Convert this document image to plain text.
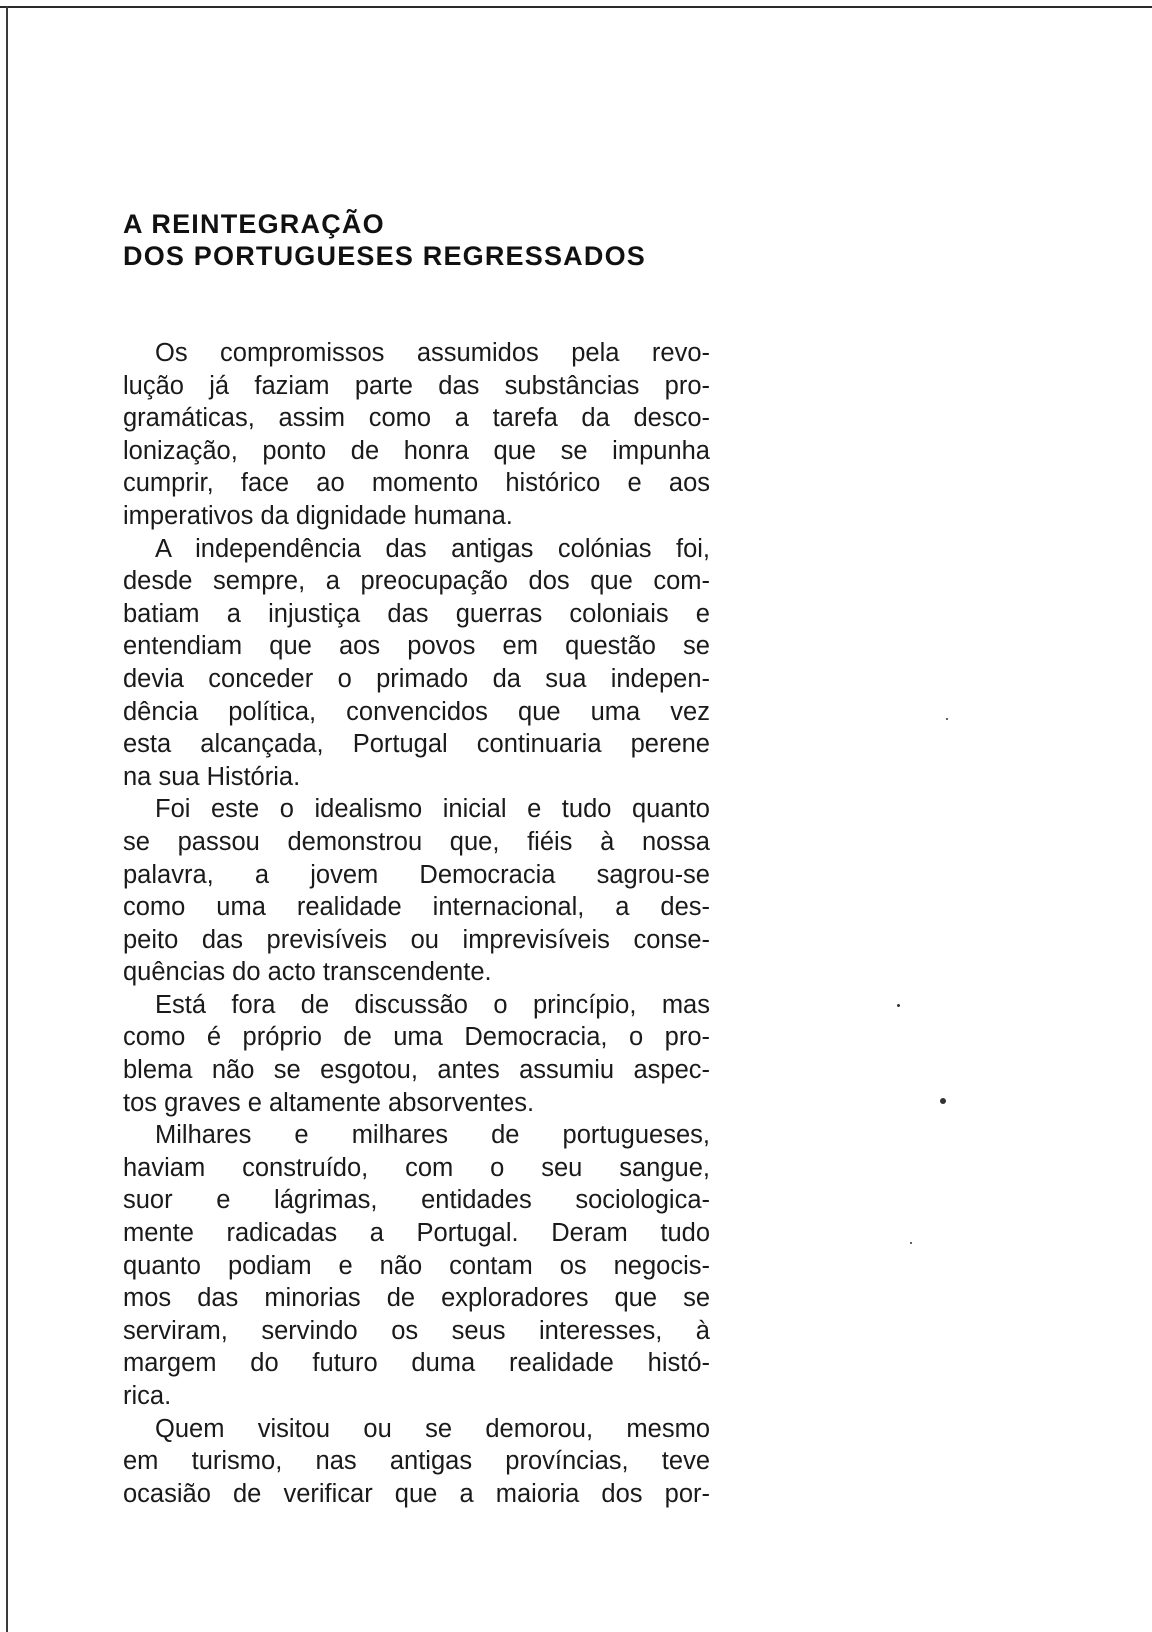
A REINTEGRAÇÃO
DOS PORTUGUESES REGRESSADOS

Os compromissos assumidos pela revo-
lução já faziam parte das substâncias pro-
gramáticas, assim como a tarefa da desco-
lonização, ponto de honra que se impunha
cumprir, face ao momento histórico e aos
imperativos da dignidade humana.

A independência das antigas colónias foi,
desde sempre, a preocupação dos que com-
batiam a injustiça das guerras coloniais e
entendiam que aos povos em questão se
devia conceder o primado da sua indepen-
dência política, convencidos que uma vez
esta alcançada, Portugal continuaria perene
na sua História.

Foi este o idealismo inicial e tudo quanto
se passou demonstrou que, fiéis à nossa
palavra, a jovem Democracia sagrou-se
como uma realidade internacional, a des-
peito das previsíveis ou imprevisíveis conse-
quências do acto transcendente.

Está fora de discussão o princípio, mas
como é próprio de uma Democracia, o pro-
blema não se esgotou, antes assumiu aspec-
tos graves e altamente absorventes.

Milhares e milhares de portugueses,
haviam construído, com o seu sangue,
suor e lágrimas, entidades sociologica-
mente radicadas a Portugal. Deram tudo
quanto podiam e não contam os negocis-
mos das minorias de exploradores que se
serviram, servindo os seus interesses, à
margem do futuro duma realidade histó-
rica.

Quem visitou ou se demorou, mesmo
em turismo, nas antigas províncias, teve
ocasião de verificar que a maioria dos por-
